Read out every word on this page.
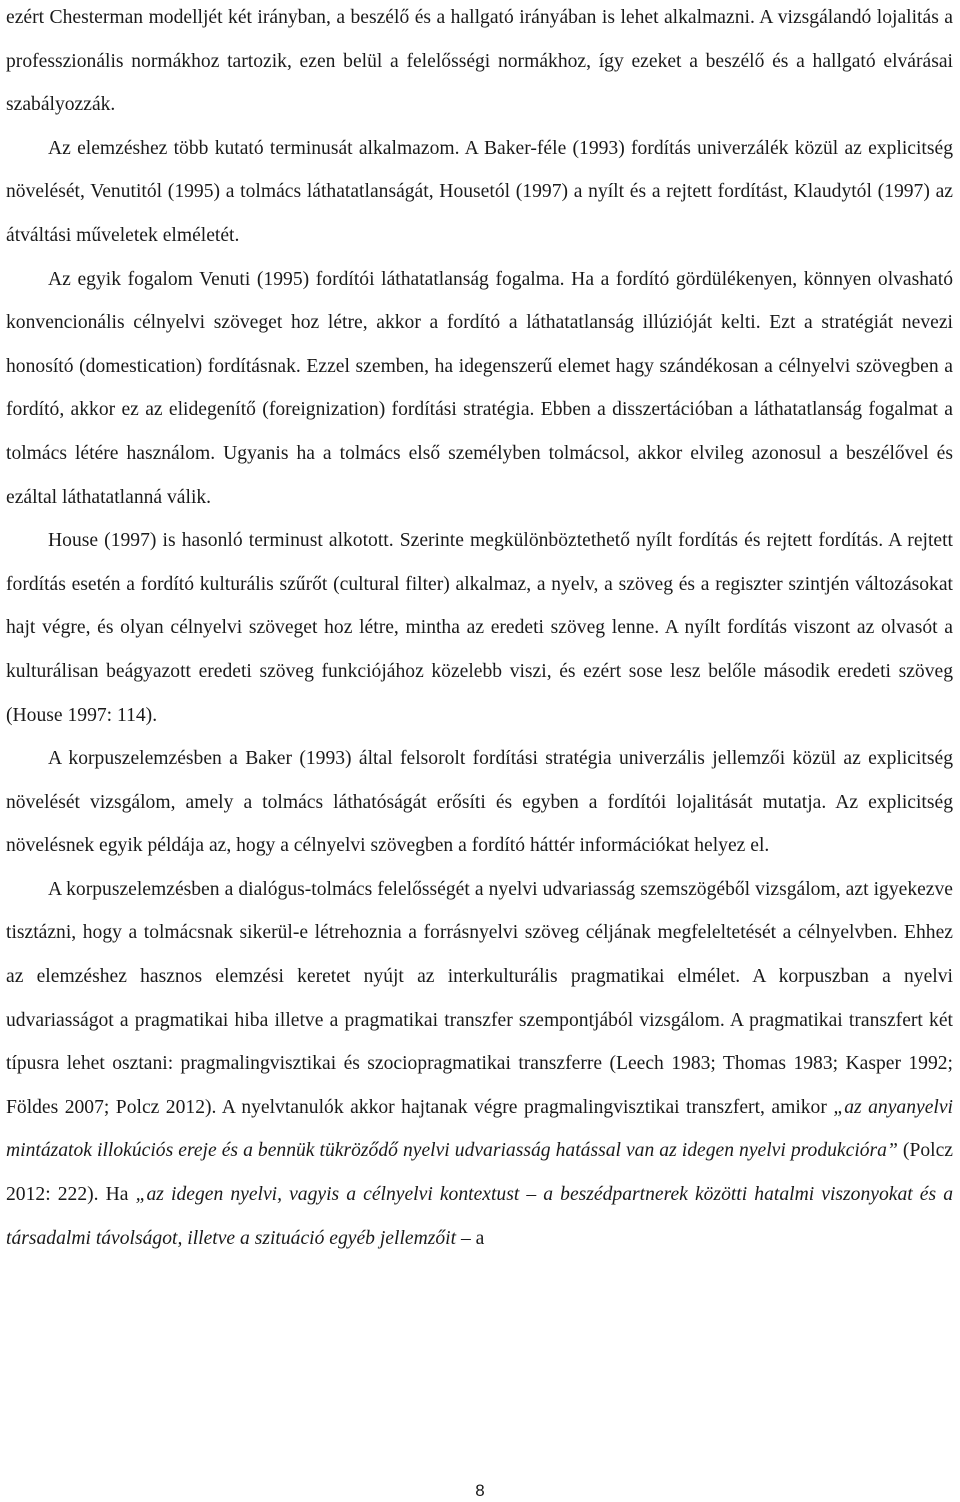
ezért Chesterman modelljét két irányban, a beszélő és a hallgató irányában is lehet alkalmazni. A vizsgálandó lojalitás a professzionális normákhoz tartozik, ezen belül a felelősségi normákhoz, így ezeket a beszélő és a hallgató elvárásai szabályozzák.

Az elemzéshez több kutató terminusát alkalmazom. A Baker-féle (1993) fordítás univerzálék közül az explicitség növelését, Venutitól (1995) a tolmács láthatatlanságát, Housetól (1997) a nyílt és a rejtett fordítást, Klaudytól (1997) az átváltási műveletek elméletét.

Az egyik fogalom Venuti (1995) fordítói láthatatlanság fogalma. Ha a fordító gördülékenyen, könnyen olvasható konvencionális célnyelvi szöveget hoz létre, akkor a fordító a láthatatlanság illúzióját kelti. Ezt a stratégiát nevezi honosító (domestication) fordításnak. Ezzel szemben, ha idegenszerű elemet hagy szándékosan a célnyelvi szövegben a fordító, akkor ez az elidegenítő (foreignization) fordítási stratégia. Ebben a disszertációban a láthatatlanság fogalmat a tolmács létére használom. Ugyanis ha a tolmács első személyben tolmácsol, akkor elvileg azonosul a beszélővel és ezáltal láthatatlanná válik.

House (1997) is hasonló terminust alkotott. Szerinte megkülönböztethető nyílt fordítás és rejtett fordítás. A rejtett fordítás esetén a fordító kulturális szűrőt (cultural filter) alkalmaz, a nyelv, a szöveg és a regiszter szintjén változásokat hajt végre, és olyan célnyelvi szöveget hoz létre, mintha az eredeti szöveg lenne. A nyílt fordítás viszont az olvasót a kulturálisan beágyazott eredeti szöveg funkciójához közelebb viszi, és ezért sose lesz belőle második eredeti szöveg (House 1997: 114).

A korpuszelemzésben a Baker (1993) által felsorolt fordítási stratégia univerzális jellemzői közül az explicitség növelését vizsgálom, amely a tolmács láthatóságát erősíti és egyben a fordítói lojalitását mutatja. Az explicitség növelésnek egyik példája az, hogy a célnyelvi szövegben a fordító háttér információkat helyez el.

A korpuszelemzésben a dialógus-tolmács felelősségét a nyelvi udvariasság szemszögéből vizsgálom, azt igyekezve tisztázni, hogy a tolmácsnak sikerül-e létrehoznia a forrásnyelvi szöveg céljának megfeleltetését a célnyelvben. Ehhez az elemzéshez hasznos elemzési keretet nyújt az interkulturális pragmatikai elmélet. A korpuszban a nyelvi udvariasságot a pragmatikai hiba illetve a pragmatikai transzfer szempontjából vizsgálom. A pragmatikai transzfert két típusra lehet osztani: pragmalingvisztikai és szociopragmatikai transzferre (Leech 1983; Thomas 1983; Kasper 1992; Földes 2007; Polcz 2012). A nyelvtanulók akkor hajtanak végre pragmalingvisztikai transzfert, amikor „az anyanyelvi mintázatok illokúciós ereje és a bennük tükröződő nyelvi udvariasság hatással van az idegen nyelvi produkcióra” (Polcz 2012: 222). Ha „az idegen nyelvi, vagyis a célnyelvi kontextust – a beszédpartnerek közötti hatalmi viszonyokat és a társadalmi távolságot, illetve a szituáció egyéb jellemzőit – a

8
